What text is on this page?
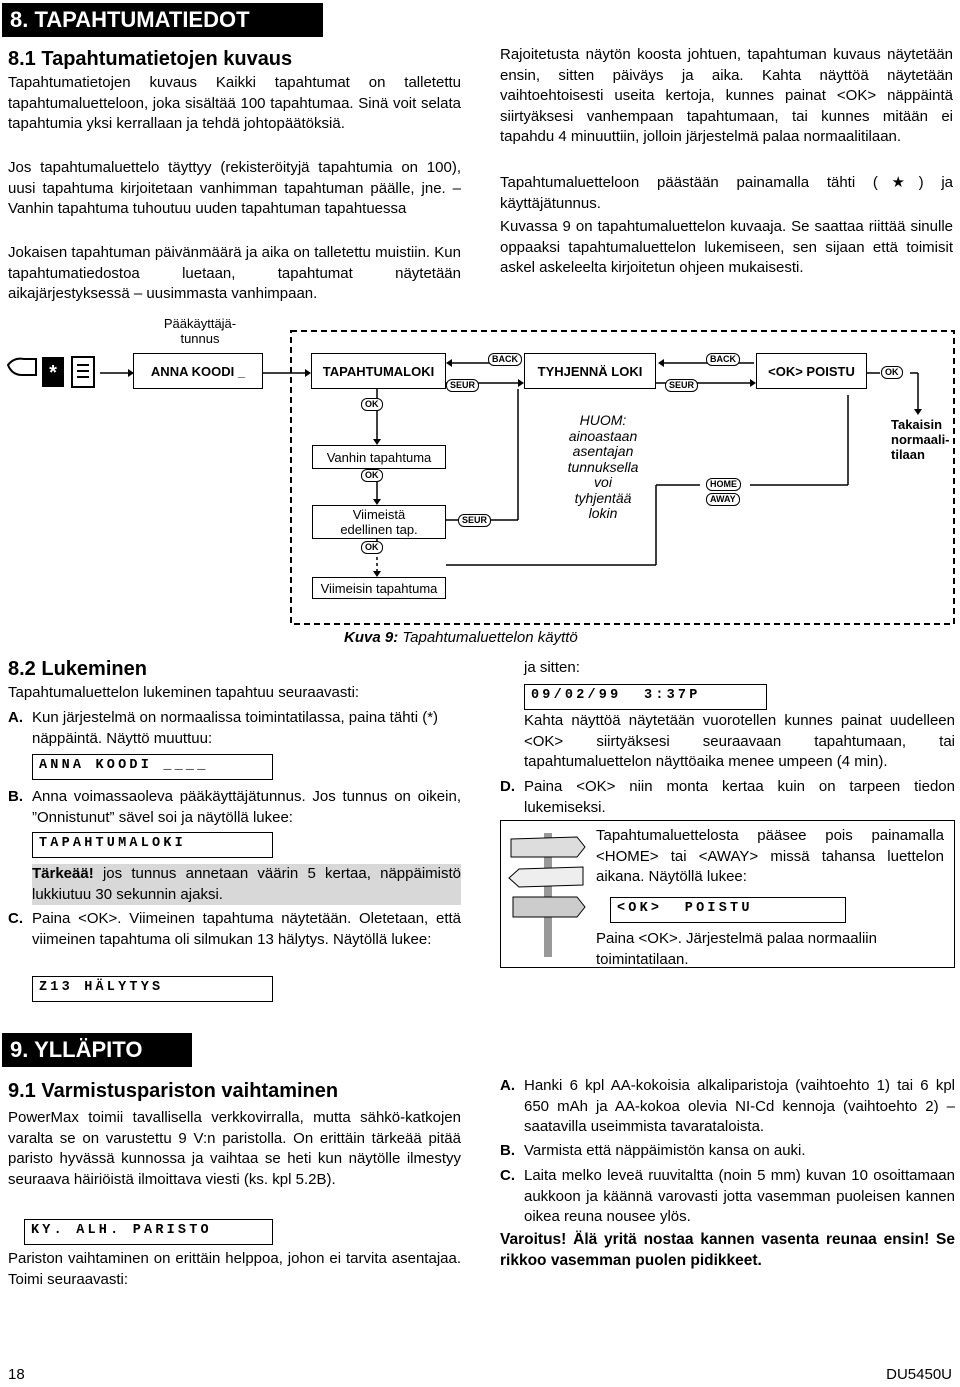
8. TAPAHTUMATIEDOT
8.1 Tapahtumatietojen kuvaus
Tapahtumatietojen kuvaus Kaikki tapahtumat on talletettu tapahtumaluetteloon, joka sisältää 100 tapahtumaa. Sinä voit selata tapahtumia yksi kerrallaan ja tehdä johtopäätöksiä.
Jos tapahtumaluettelo täyttyy (rekisteröityjä tapahtumia on 100), uusi tapahtuma kirjoitetaan vanhimman tapahtuman päälle, jne. – Vanhin tapahtuma tuhoutuu uuden tapahtuman tapahtuessa
Jokaisen tapahtuman päivänmäärä ja aika on talletettu muistiin. Kun tapahtumatiedostoa luetaan, tapahtumat näytetään aikajärjestyksessä – uusimmasta vanhimpaan.
Rajoitetusta näytön koosta johtuen, tapahtuman kuvaus näytetään ensin, sitten päiväys ja aika. Kahta näyttöä näytetään vaihtoehtoisesti useita kertoja, kunnes painat <OK> näppäintä siirtyäksesi vanhempaan tapahtumaan, tai kunnes mitään ei tapahdu 4 minuuttiin, jolloin järjestelmä palaa normaalitilaan.
Tapahtumaluetteloon päästään painamalla tähti (★) ja käyttäjätunnus.
Kuvassa 9 on tapahtumaluettelon kuvaaja. Se saattaa riittää sinulle oppaaksi tapahtumaluettelon lukemiseen, sen sijaan että toimisit askel askeleelta kirjoitetun ohjeen mukaisesti.
*
Pääkäyttäjä-
tunnus
ANNA KOODI _	TAPAHTUMALOKI	TYHJENNÄ LOKI	<OK> POISTU
BACK
SEUR
BACK
SEUR
OK
OK
Vanhin tapahtuma
OK
Viimeistä
edellinen tap.
OK
Viimeisin tapahtuma
SEUR
HUOM:
ainoastaan
asentajan
tunnuksella
voi
tyhjentää
lokin
HOME
AWAY
Takaisin
normaali-
tilaan
Kuva 9: Tapahtumaluettelon käyttö
8.2 Lukeminen
Tapahtumaluettelon lukeminen tapahtuu seuraavasti:
A. Kun järjestelmä on normaalissa toimintatilassa, paina tähti (*) näppäintä. Näyttö muuttuu:
ANNA KOODI ____
B. Anna voimassaoleva pääkäyttäjätunnus. Jos tunnus on oikein, ”Onnistunut” sävel soi ja näytöllä lukee:
TAPAHTUMALOKI
Tärkeää! jos tunnus annetaan väärin 5 kertaa, näppäimistö lukkiutuu 30 sekunnin ajaksi.
C. Paina <OK>. Viimeinen tapahtuma näytetään. Oletetaan, että viimeinen tapahtuma oli silmukan 13 hälytys. Näytöllä lukee:
Z13 HÄLYTYS
ja sitten:
09/02/99  3:37P
Kahta näyttöä näytetään vuorotellen kunnes painat uudelleen <OK> siirtyäksesi seuraavaan tapahtumaan, tai tapahtumaluettelon näyttöaika menee umpeen (4 min).
D. Paina <OK> niin monta kertaa kuin on tarpeen tiedon lukemiseksi.
Tapahtumaluettelosta pääsee pois painamalla <HOME> tai <AWAY> missä tahansa luettelon aikana. Näytöllä lukee:
<OK>  POISTU
Paina <OK>. Järjestelmä palaa normaaliin toimintatilaan.
9. YLLÄPITO
9.1 Varmistuspariston vaihtaminen
PowerMax toimii tavallisella verkkovirralla, mutta sähkö-katkojen varalta se on varustettu 9 V:n paristolla. On erittäin tärkeää pitää paristo hyvässä kunnossa ja vaihtaa se heti kun näytölle ilmestyy seuraava häiriöistä ilmoittava viesti (ks. kpl 5.2B).
KY. ALH. PARISTO
Pariston vaihtaminen on erittäin helppoa, johon ei tarvita asentajaa. Toimi seuraavasti:
A. Hanki 6 kpl AA-kokoisia alkaliparistoja (vaihtoehto 1) tai 6 kpl 650 mAh ja AA-kokoa olevia NI-Cd kennoja (vaihtoehto 2) – saatavilla useimmista tavarataloista.
B. Varmista että näppäimistön kansa on auki.
C. Laita melko leveä ruuvitaltta (noin 5 mm) kuvan 10 osoittamaan aukkoon ja käännä varovasti jotta vasemman puoleisen kannen oikea reuna nousee ylös.
Varoitus! Älä yritä nostaa kannen vasenta reunaa ensin! Se rikkoo vasemman puolen pidikkeet.
18	DU5450U
